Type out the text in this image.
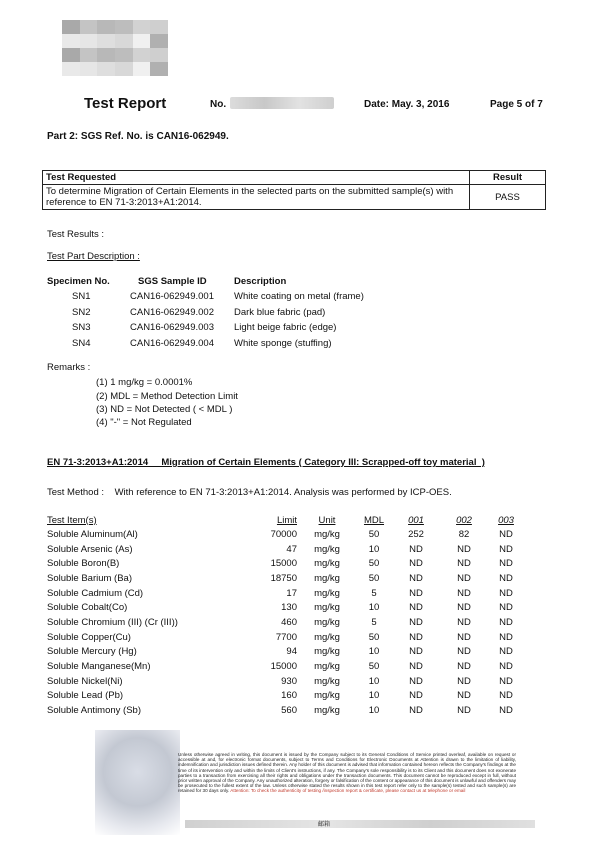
Test Report	No.	Date: May. 3, 2016	Page 5 of 7
Part 2: SGS Ref. No. is CAN16-062949.
Test Requested	Result
To determine Migration of Certain Elements in the selected parts on the submitted sample(s) with reference to EN 71-3:2013+A1:2014.	PASS
Test Results :
Test Part Description :
Specimen No.	SGS Sample ID	Description
SN1	CAN16-062949.001 White coating on metal (frame)
SN2	CAN16-062949.002 Dark blue fabric (pad)
SN3	CAN16-062949.003 Light beige fabric (edge)
SN4	CAN16-062949.004 White sponge (stuffing)
Remarks :
(1) 1 mg/kg = 0.0001%
(2) MDL = Method Detection Limit
(3) ND = Not Detected ( < MDL )
(4) "-" = Not Regulated
EN 71-3:2013+A1:2014     Migration of Certain Elements ( Category III: Scrapped-off toy material  )
Test Method :    With reference to EN 71-3:2013+A1:2014. Analysis was performed by ICP-OES.
Test Item(s)	Limit	Unit	MDL	001	002	003
Soluble Aluminum(Al)	70000	mg/kg	50	252	82	ND
Soluble Arsenic (As)	47	mg/kg	10	ND	ND	ND
Soluble Boron(B)	15000	mg/kg	50	ND	ND	ND
Soluble Barium (Ba)	18750	mg/kg	50	ND	ND	ND
Soluble Cadmium (Cd)	17	mg/kg	5	ND	ND	ND
Soluble Cobalt(Co)	130	mg/kg	10	ND	ND	ND
Soluble Chromium (III) (Cr (III))	460	mg/kg	5	ND	ND	ND
Soluble Copper(Cu)	7700	mg/kg	50	ND	ND	ND
Soluble Mercury (Hg)	94	mg/kg	10	ND	ND	ND
Soluble Manganese(Mn)	15000	mg/kg	50	ND	ND	ND
Soluble Nickel(Ni)	930	mg/kg	10	ND	ND	ND
Soluble Lead (Pb)	160	mg/kg	10	ND	ND	ND
Soluble Antimony (Sb)	560	mg/kg	10	ND	ND	ND
Unless otherwise agreed in writing, this document is issued by the Company subject to its General Conditions of Service printed overleaf, available on request or accessible at and, for electronic format documents, subject to Terms and Conditions for Electronic Documents at Attention is drawn to the limitation of liability, indemnification and jurisdiction issues defined therein. Any holder of this document is advised that information contained hereon reflects the Company's findings at the time of its intervention only and within the limits of Client's instructions, if any. The Company's sole responsibility is to its Client and this document does not exonerate parties to a transaction from exercising all their rights and obligations under the transaction documents. This document cannot be reproduced except in full, without prior written approval of the Company. Any unauthorized alteration, forgery or falsification of the content or appearance of this document is unlawful and offenders may be prosecuted to the fullest extent of the law. Unless otherwise stated the results shown in this test report refer only to the sample(s) tested and such sample(s) are retained for 30 days only. Attention: To check the authenticity of testing /inspection report & certificate, please contact us at telephone or email
邮箱
